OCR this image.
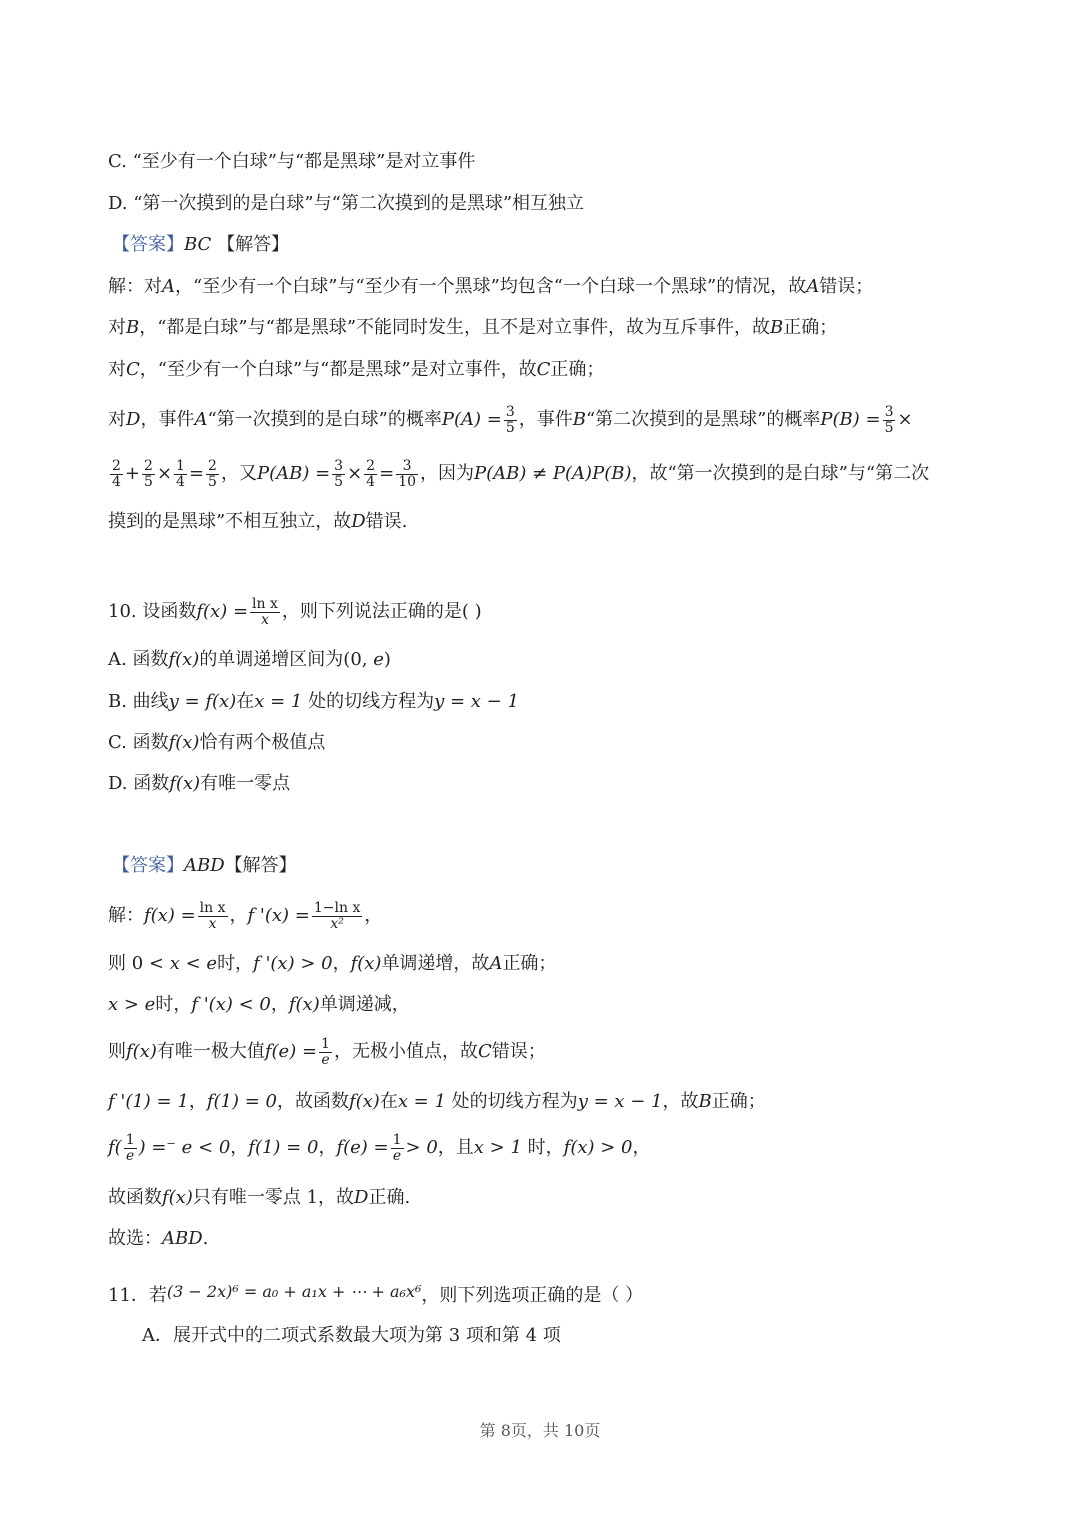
C. “至少有一个白球”与“都是黑球”是对立事件
D. “第一次摸到的是白球”与“第二次摸到的是黑球”相互独立
【答案】BC 【解答】
解：对A，“至少有一个白球”与“至少有一个黑球”均包含“一个白球一个黑球”的情况，故A错误；
对B，“都是白球”与“都是黑球”不能同时发生，且不是对立事件，故为互斥事件，故B正确；
对C，“至少有一个白球”与“都是黑球”是对立事件，故C正确；
对D，事件A“第一次摸到的是白球”的概率$P(A) = \frac{3}{5}$ ，事件B“第二次摸到的是黑球”的概率$P(B) = \frac{3}{5}$ ×
$\frac{2}{4} + \frac{2}{5} \times \frac{1}{4} = \frac{2}{5}$ ，又$P(AB) = \frac{3}{5} \times \frac{2}{4} = \frac{3}{10}$ ，因为P(AB) ≠ P(A)P(B)，故“第一次摸到的是白球”与“第二次
摸到的是黑球”不相互独立，故D错误.
10. 设函数$f(x) = \frac{\text{ln x}}{x}$ ，则下列说法正确的是( )
A. 函数f(x)的单调递增区间为(0, e)
B. 曲线y = f(x)在x = 1 处的切线方程为y = x − 1
C. 函数f(x)恰有两个极值点
D. 函数f(x)有唯一零点
【答案】ABD【解答】
解：$f(x) = \frac{\text{ln x}}{x}$ ，f '$(x) = \frac{\text{1−ln x}}{\text{x²}}$ ，
则 0 < x < e时，f '(x) > 0，f(x)单调递增，故A正确；
x > e时，f '(x) < 0，f(x)单调递减，
则f(x)有唯一极大值$f(e) = \frac{1}{e}$ ，无极小值点，故C错误；
f '(1) = 1，f(1) = 0，故函数f(x)在x = 1 处的切线方程为y = x − 1，故B正确；
$f( \frac{1}{e}$ ) =⁻ e < 0，f(1) = 0，$f(e) = \frac{1}{e} > 0$，且x > 1 时，f(x) > 0，
故函数f(x)只有唯一零点 1，故D正确.
故选：ABD.
11．若(3 − 2x)⁶ = a₀ + a₁x + ⋯ + a₆x⁶，则下列选项正确的是（ ）
A．展开式中的二项式系数最大项为第 3 项和第 4 项
第 8页，共 10页
